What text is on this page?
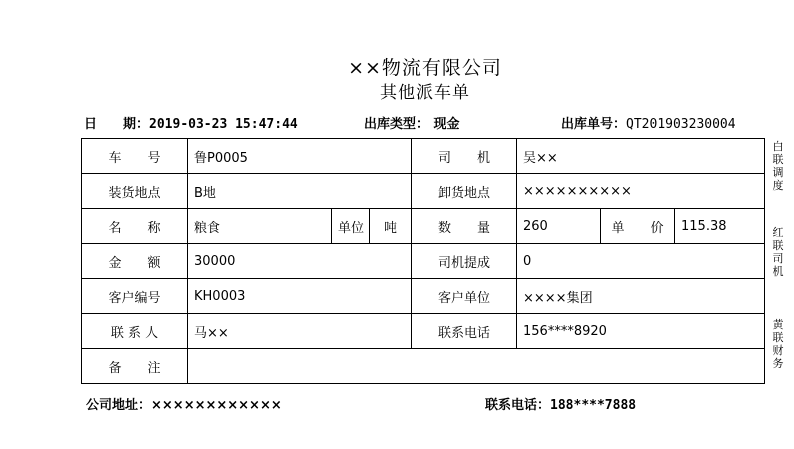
××物流有限公司
其他派车单
日　　期：2019-03-23 15:47:44	出库类型： 现金	出库单号：QT201903230004
车　　号	鲁P0005			司　　机	吴××		
装货地点	B地			卸货地点	××××××××××		
名　　称	粮食	单位	吨	数　　量	260	单　　价	115.38
金　　额	30000			司机提成	0		
客户编号	KH0003			客户单位	××××集团		
联 系 人	马××			联系电话	156****8920		
备　　注							
白联调度
红联司机
黄联财务
公司地址：××××××××××××	联系电话：188****7888
